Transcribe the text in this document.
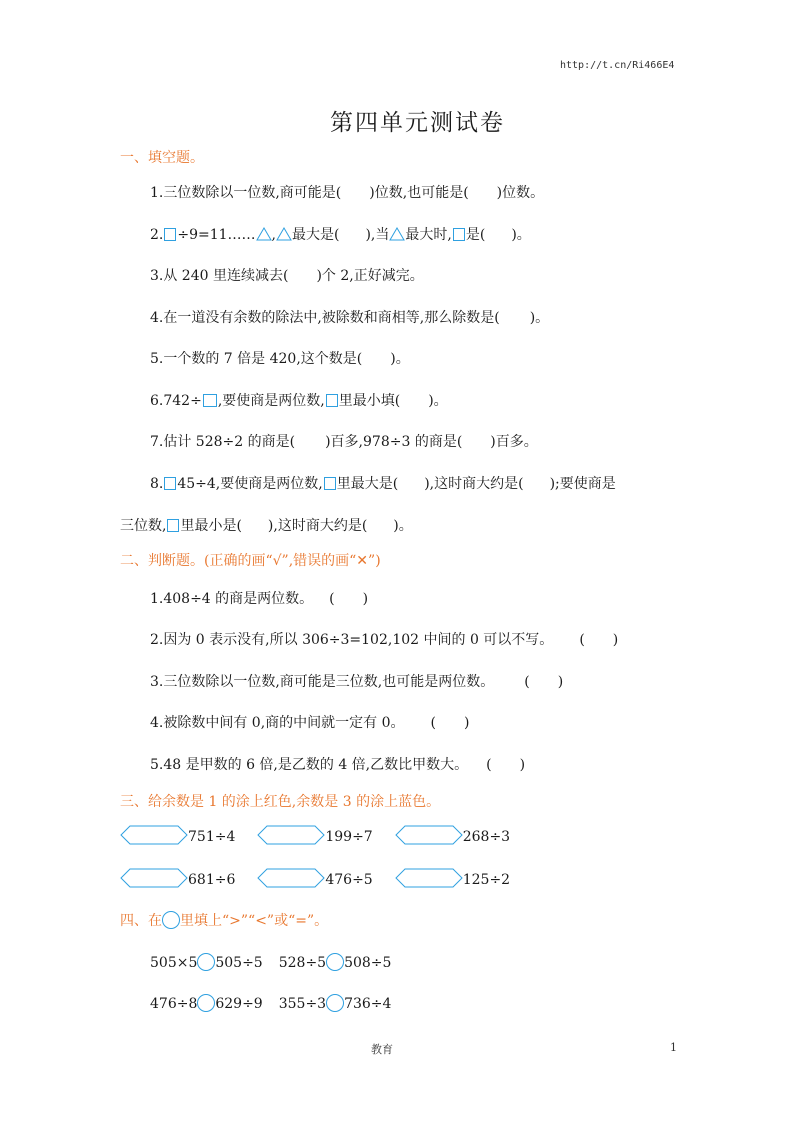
http://t.cn/Ri466E4
第四单元测试卷
一、填空题。
1.三位数除以一位数,商可能是( )位数,也可能是( )位数。
2. ÷9=11…… , 最大是( ),当 最大时, 是( )。
3.从 240 里连续减去( )个 2,正好减完。
4.在一道没有余数的除法中,被除数和商相等,那么除数是( )。
5.一个数的 7 倍是 420,这个数是( )。
6.742÷ ,要使商是两位数, 里最小填( )。
7.估计 528÷2 的商是( )百多,978÷3 的商是( )百多。
8. 45÷4,要使商是两位数, 里最大是( ),这时商大约是( );要使商是
三位数, 里最小是( ),这时商大约是( )。
二、判断题。(正确的画“√”,错误的画“✕”)
1.408÷4 的商是两位数。 (　　)
2.因为 0 表示没有,所以 306÷3=102,102 中间的 0 可以不写。 (　　)
3.三位数除以一位数,商可能是三位数,也可能是两位数。 (　　)
4.被除数中间有 0,商的中间就一定有 0。 (　　)
5.48 是甲数的 6 倍,是乙数的 4 倍,乙数比甲数大。 (　　)
三、给余数是 1 的涂上红色,余数是 3 的涂上蓝色。
751÷4	199÷7	268÷3
681÷6	476÷5	125÷2
四、在 里填上“>”“<”或“=”。
505×5 505÷5 528÷5 508÷5
476÷8 629÷9 355÷3 736÷4
教育	1
